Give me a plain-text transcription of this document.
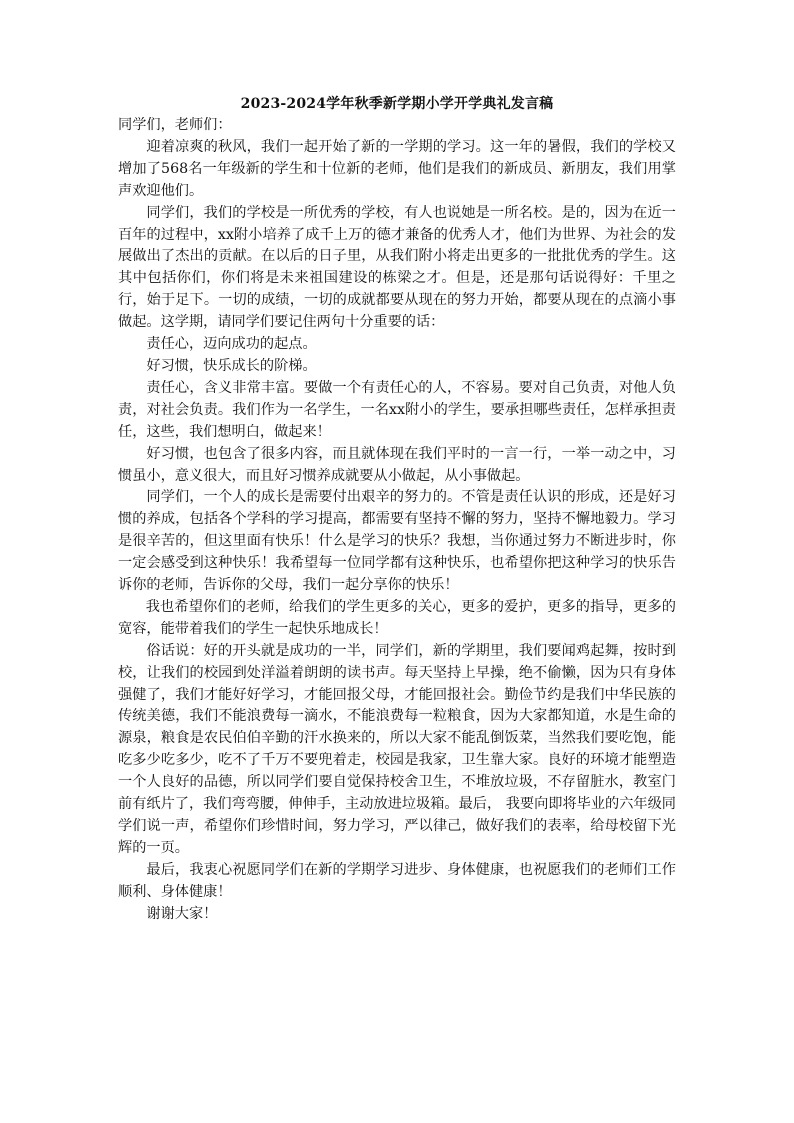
2023-2024学年秋季新学期小学开学典礼发言稿

同学们，老师们：

迎着凉爽的秋风，我们一起开始了新的一学期的学习。这一年的暑假，我们的学校又增加了568名一年级新的学生和十位新的老师，他们是我们的新成员、新朋友，我们用掌声欢迎他们。

同学们，我们的学校是一所优秀的学校，有人也说她是一所名校。是的，因为在近一百年的过程中，xx附小培养了成千上万的德才兼备的优秀人才，他们为世界、为社会的发展做出了杰出的贡献。在以后的日子里，从我们附小将走出更多的一批批优秀的学生。这其中包括你们，你们将是未来祖国建设的栋梁之才。但是，还是那句话说得好：千里之行，始于足下。一切的成绩，一切的成就都要从现在的努力开始，都要从现在的点滴小事做起。这学期，请同学们要记住两句十分重要的话：

责任心，迈向成功的起点。

好习惯，快乐成长的阶梯。

责任心，含义非常丰富。要做一个有责任心的人，不容易。要对自己负责，对他人负责，对社会负责。我们作为一名学生，一名xx附小的学生，要承担哪些责任，怎样承担责任，这些，我们想明白，做起来！

好习惯，也包含了很多内容，而且就体现在我们平时的一言一行，一举一动之中，习惯虽小，意义很大，而且好习惯养成就要从小做起，从小事做起。

同学们，一个人的成长是需要付出艰辛的努力的。不管是责任认识的形成，还是好习惯的养成，包括各个学科的学习提高，都需要有坚持不懈的努力，坚持不懈地毅力。学习是很辛苦的，但这里面有快乐！什么是学习的快乐？我想，当你通过努力不断进步时，你一定会感受到这种快乐！我希望每一位同学都有这种快乐，也希望你把这种学习的快乐告诉你的老师，告诉你的父母，我们一起分享你的快乐！

我也希望你们的老师，给我们的学生更多的关心，更多的爱护，更多的指导，更多的宽容，能带着我们的学生一起快乐地成长！

俗话说：好的开头就是成功的一半，同学们，新的学期里，我们要闻鸡起舞，按时到校，让我们的校园到处洋溢着朗朗的读书声。每天坚持上早操，绝不偷懒，因为只有身体强健了，我们才能好好学习，才能回报父母，才能回报社会。勤俭节约是我们中华民族的传统美德，我们不能浪费每一滴水，不能浪费每一粒粮食，因为大家都知道，水是生命的源泉，粮食是农民伯伯辛勤的汗水换来的，所以大家不能乱倒饭菜，当然我们要吃饱，能吃多少吃多少，吃不了千万不要兜着走，校园是我家，卫生靠大家。良好的环境才能塑造一个人良好的品德，所以同学们要自觉保持校舍卫生，不堆放垃圾，不存留脏水，教室门前有纸片了，我们弯弯腰，伸伸手，主动放进垃圾箱。最后， 我要向即将毕业的六年级同学们说一声，希望你们珍惜时间，努力学习，严以律己，做好我们的表率，给母校留下光辉的一页。

最后，我衷心祝愿同学们在新的学期学习进步、身体健康，也祝愿我们的老师们工作顺利、身体健康！

谢谢大家！
